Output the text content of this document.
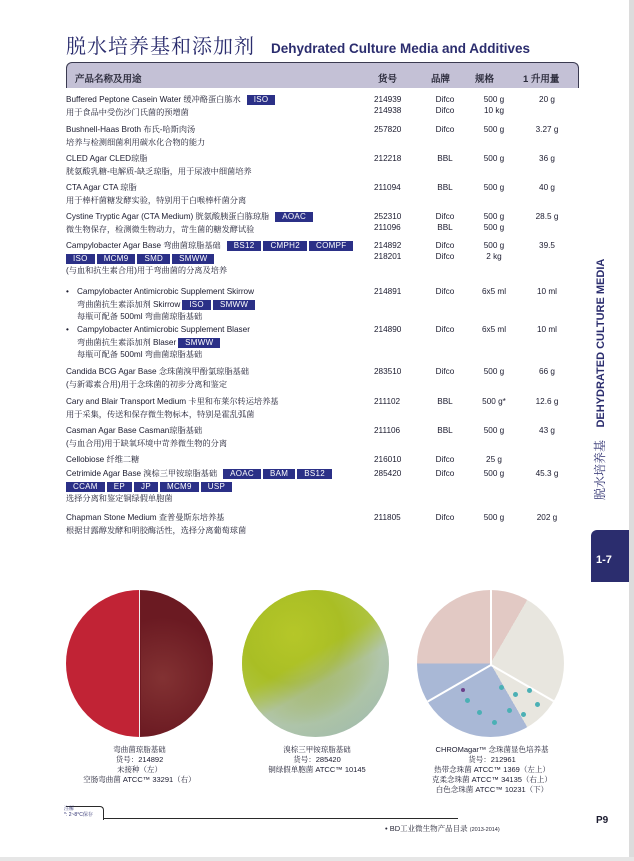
脱水培养基和添加剂 Dehydrated Culture Media and Additives
产品名称及用途	货号	品牌	规格	1 升用量
Buffered Peptone Casein Water 缓冲酪蛋白胨水 ISO
用于食品中受伤沙门氏菌的预增菌
214939	Difco	500 g	20 g
214938	Difco	10 kg
Bushnell-Haas Broth 布氏-哈斯肉汤
培养与检测细菌利用碳水化合物的能力
257820	Difco	500 g	3.27 g
CLED Agar CLED琼脂
胱氨酸乳糖-电解质-缺乏琼脂，用于尿液中细菌培养
212218	BBL	500 g	36 g
CTA Agar CTA 琼脂
用于棒杆菌糖发酵实验，特别用于白喉棒杆菌分离
211094	BBL	500 g	40 g
Cystine Tryptic Agar (CTA Medium) 胱氨酸胰蛋白胨琼脂 AOAC
微生物保存，检测微生物动力，苛生菌的糖发酵试验
252310	Difco	500 g	28.5 g
211096	BBL	500 g
Campylobacter Agar Base 弯曲菌琼脂基础 BS12 CMPH2 COMPF
ISO MCM9 SMD SMWW
(与血和抗生素合用)用于弯曲菌的分离及培养
214892	Difco	500 g	39.5
218201	Difco	2 kg
• Campylobacter Antimicrobic Supplement Skirrow
弯曲菌抗生素添加剂 Skirrow ISO SMWW
每瓶可配备 500ml 弯曲菌琼脂基础
214891	Difco	6x5 ml	10 ml
• Campylobacter Antimicrobic Supplement Blaser
弯曲菌抗生素添加剂 Blaser SMWW
每瓶可配备 500ml 弯曲菌琼脂基础
214890	Difco	6x5 ml	10 ml
Candida BCG Agar Base 念珠菌溴甲酚氯琼脂基础
(与新霉素合用)用于念珠菌的初步分离和鉴定
283510	Difco	500 g	66 g
Cary and Blair Transport Medium 卡里和布莱尔转运培养基
用于采集，传送和保存微生物标本，特别是霍乱弧菌
211102	BBL	500 g*	12.6 g
Casman Agar Base Casman琼脂基础
(与血合用)用于缺氧环境中苛养微生物的分离
211106	BBL	500 g	43 g
Cellobiose 纤维二糖	216010	Difco	25 g
Cetrimide Agar Base 溴棕三甲铵琼脂基础 AOAC BAM BS12
CCAM EP JP MCM9 USP
选择分离和鉴定铜绿假单胞菌
285420	Difco	500 g	45.3 g
Chapman Stone Medium 查普曼斯东培养基
根据甘露醇发酵和明胶酶活性，选择分离葡萄球菌
211805	Difco	500 g	202 g
脱水培养基 DEHYDRATED CULTURE MEDIA
1-7
弯曲菌琼脂基础
货号：214892
未接种（左）
空肠弯曲菌 ATCC™ 33291（右）
溴棕三甲铵琼脂基础
货号：285420
铜绿假单胞菌 ATCC™ 10145
CHROMagar™ 念珠菌显色培养基
货号：212961
热带念珠菌 ATCC™ 1369（左上）
克柔念珠菌 ATCC™ 34135（右上）
白色念珠菌 ATCC™ 10231（下）
注解
*: 2~8°C保存
• BD工业微生物产品目录 (2013-2014)
P9
